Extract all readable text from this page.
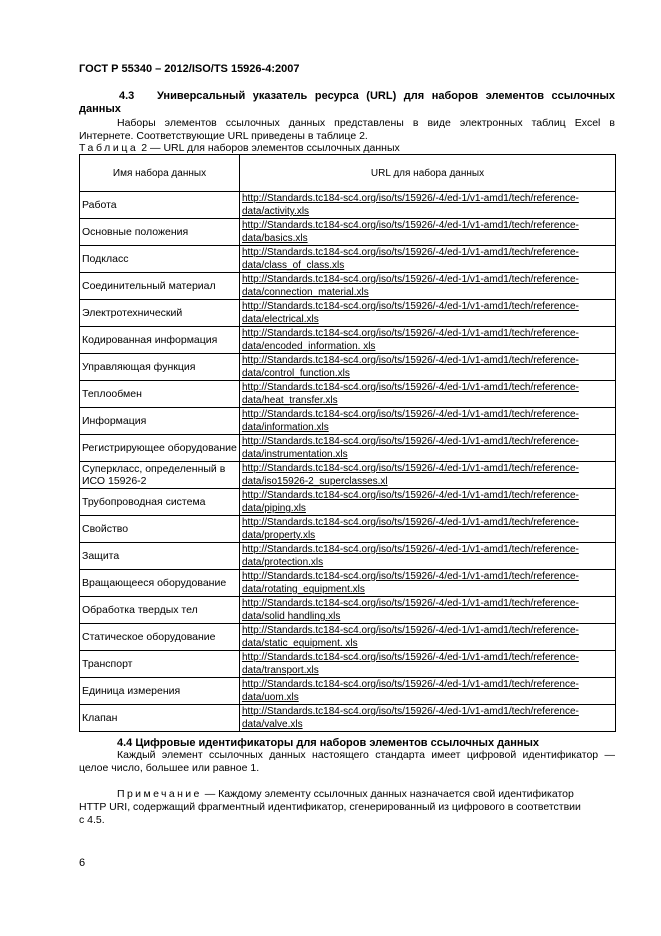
ГОСТ Р 55340 – 2012/ISO/TS 15926-4:2007
4.3 Универсальный указатель ресурса (URL) для наборов элементов ссылочных
данных
Наборы элементов ссылочных данных представлены в виде электронных таблиц Excel в
Интернете. Соответствующие URL приведены в таблице 2.
Таблица 2 — URL для наборов элементов ссылочных данных
Имя набора данных	URL для набора данных
Работа	http://Standards.tc184-sc4.org/iso/ts/15926/-4/ed-1/v1-amd1/tech/reference-
data/activity.xls

Основные положения	http://Standards.tc184-sc4.org/iso/ts/15926/-4/ed-1/v1-amd1/tech/reference-
data/basics.xls

Подкласс	http://Standards.tc184-sc4.org/iso/ts/15926/-4/ed-1/v1-amd1/tech/reference-
data/class_of_class.xls

Соединительный материал	http://Standards.tc184-sc4.org/iso/ts/15926/-4/ed-1/v1-amd1/tech/reference-
data/connection_material.xls

Электротехнический	http://Standards.tc184-sc4.org/iso/ts/15926/-4/ed-1/v1-amd1/tech/reference-
data/electrical.xls

Кодированная информация	http://Standards.tc184-sc4.org/iso/ts/15926/-4/ed-1/v1-amd1/tech/reference-
data/encoded_information. xls

Управляющая функция	http://Standards.tc184-sc4.org/iso/ts/15926/-4/ed-1/v1-amd1/tech/reference-
data/control_function.xls

Теплообмен	http://Standards.tc184-sc4.org/iso/ts/15926/-4/ed-1/v1-amd1/tech/reference-
data/heat_transfer.xls

Информация	http://Standards.tc184-sc4.org/iso/ts/15926/-4/ed-1/v1-amd1/tech/reference-
data/information.xls

Регистрирующее оборудование	http://Standards.tc184-sc4.org/iso/ts/15926/-4/ed-1/v1-amd1/tech/reference-
data/instrumentation.xls

Суперкласс, определенный в ИСО 15926-2	http://Standards.tc184-sc4.org/iso/ts/15926/-4/ed-1/v1-amd1/tech/reference-
data/iso15926-2_superclasses.xl

Трубопроводная система	http://Standards.tc184-sc4.org/iso/ts/15926/-4/ed-1/v1-amd1/tech/reference-
data/piping.xls

Свойство	http://Standards.tc184-sc4.org/iso/ts/15926/-4/ed-1/v1-amd1/tech/reference-
data/property.xls

Защита	http://Standards.tc184-sc4.org/iso/ts/15926/-4/ed-1/v1-amd1/tech/reference-
data/protection.xls

Вращающееся оборудование	http://Standards.tc184-sc4.org/iso/ts/15926/-4/ed-1/v1-amd1/tech/reference-
data/rotating_equipment.xls

Обработка твердых тел	http://Standards.tc184-sc4.org/iso/ts/15926/-4/ed-1/v1-amd1/tech/reference-
data/solid handling.xls

Статическое оборудование	http://Standards.tc184-sc4.org/iso/ts/15926/-4/ed-1/v1-amd1/tech/reference-
data/static_equipment. xls

Транспорт	http://Standards.tc184-sc4.org/iso/ts/15926/-4/ed-1/v1-amd1/tech/reference-
data/transport.xls

Единица измерения	http://Standards.tc184-sc4.org/iso/ts/15926/-4/ed-1/v1-amd1/tech/reference-
data/uom.xls

Клапан	http://Standards.tc184-sc4.org/iso/ts/15926/-4/ed-1/v1-amd1/tech/reference-
data/valve.xls
4.4 Цифровые идентификаторы для наборов элементов ссылочных данных
Каждый элемент ссылочных данных настоящего стандарта имеет цифровой идентификатор —
целое число, большее или равное 1.
Примечание — Каждому элементу ссылочных данных назначается свой идентификатор
HTTP URI, содержащий фрагментный идентификатор, сгенерированный из цифрового в соответствии
с 4.5.
6
